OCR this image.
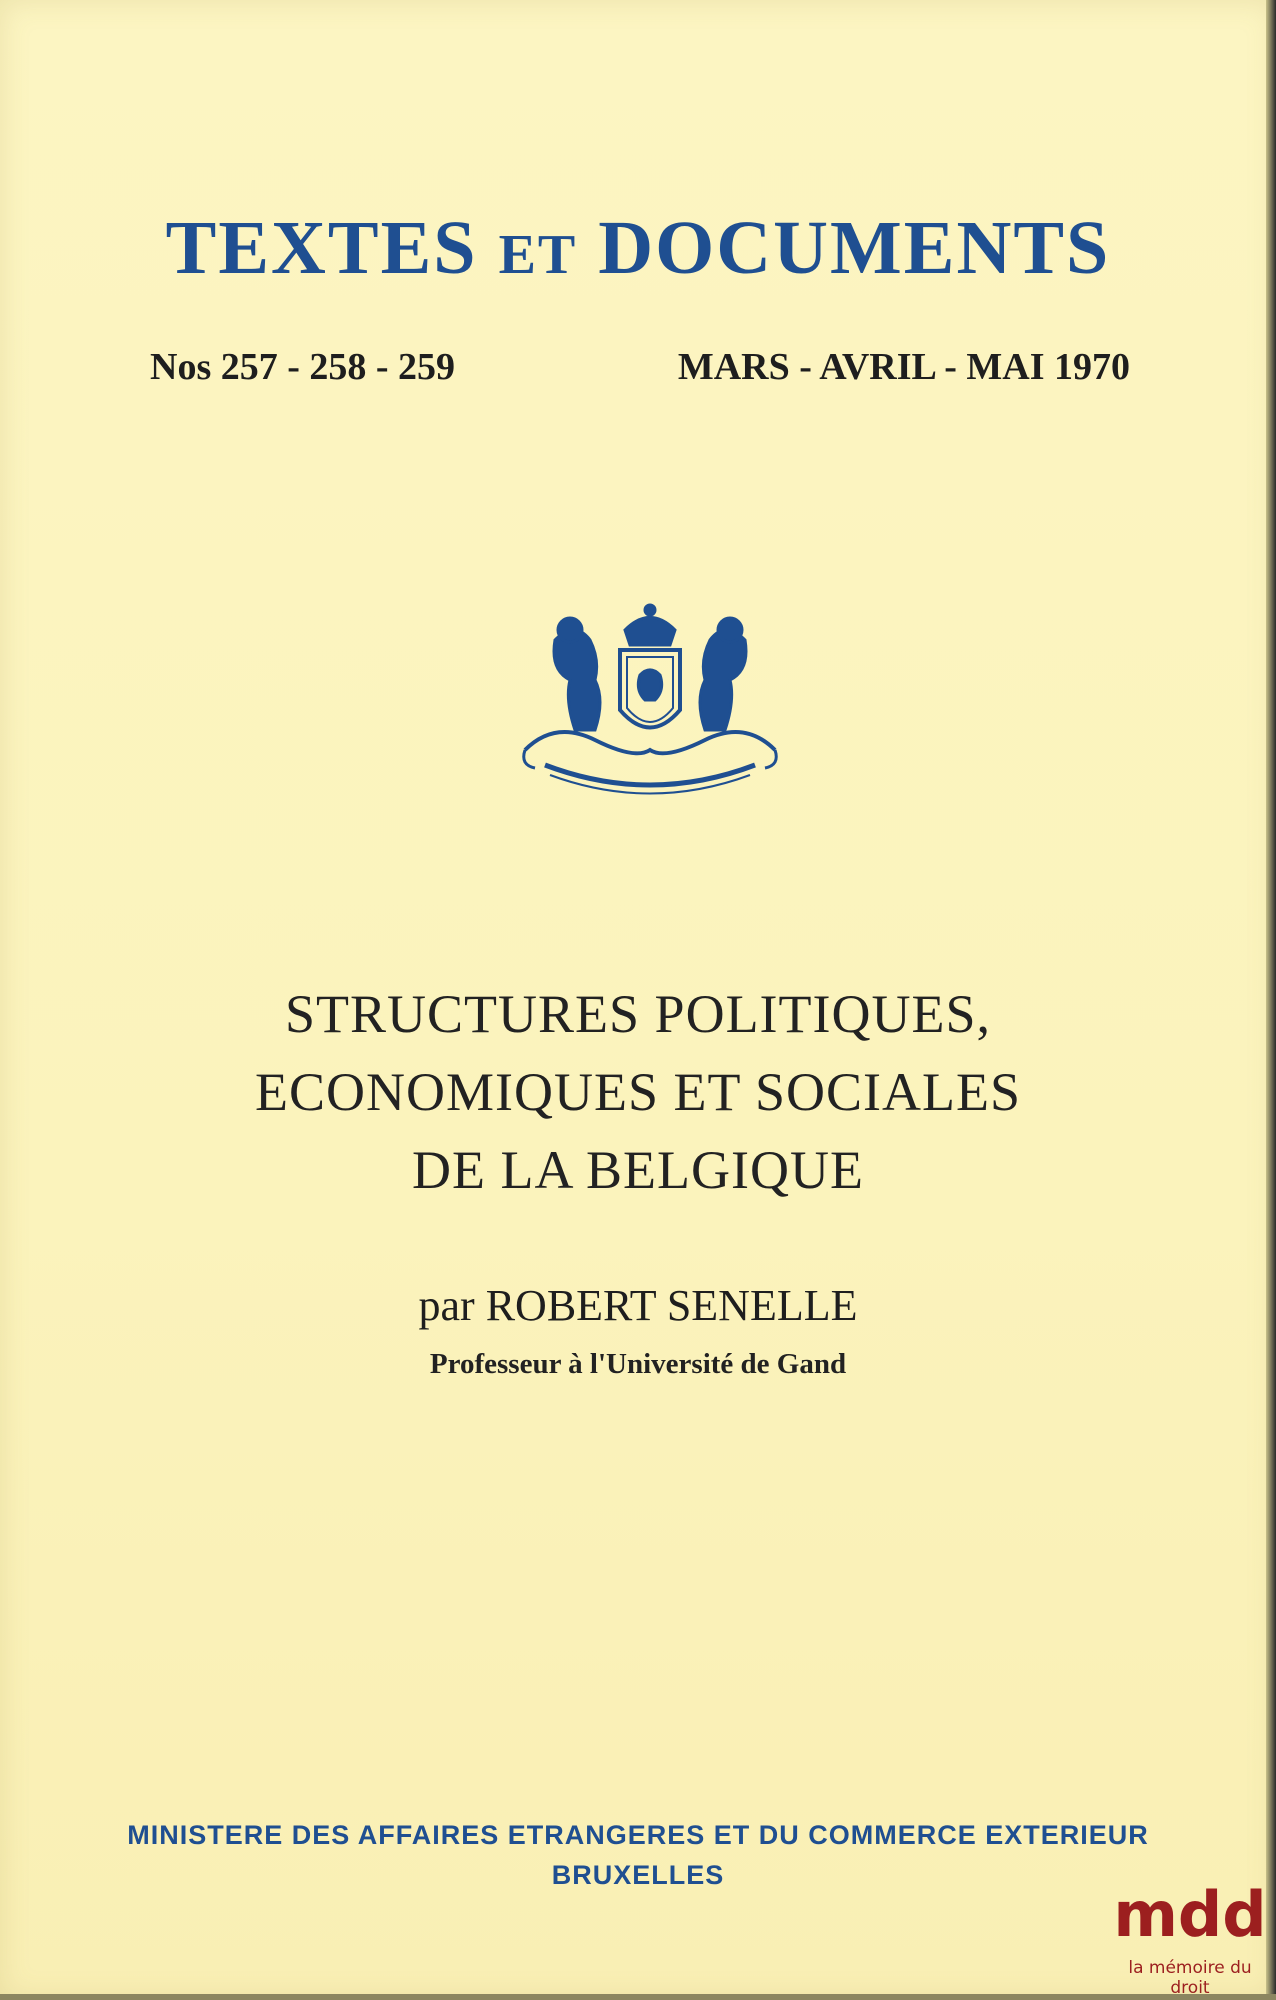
TEXTES ET DOCUMENTS
Nos 257 - 258 - 259	MARS - AVRIL - MAI 1970
STRUCTURES POLITIQUES,
ECONOMIQUES ET SOCIALES
DE LA BELGIQUE
par ROBERT SENELLE
Professeur à l'Université de Gand
MINISTERE DES AFFAIRES ETRANGERES ET DU COMMERCE EXTERIEUR
BRUXELLES
mdd
la mémoire du droit
